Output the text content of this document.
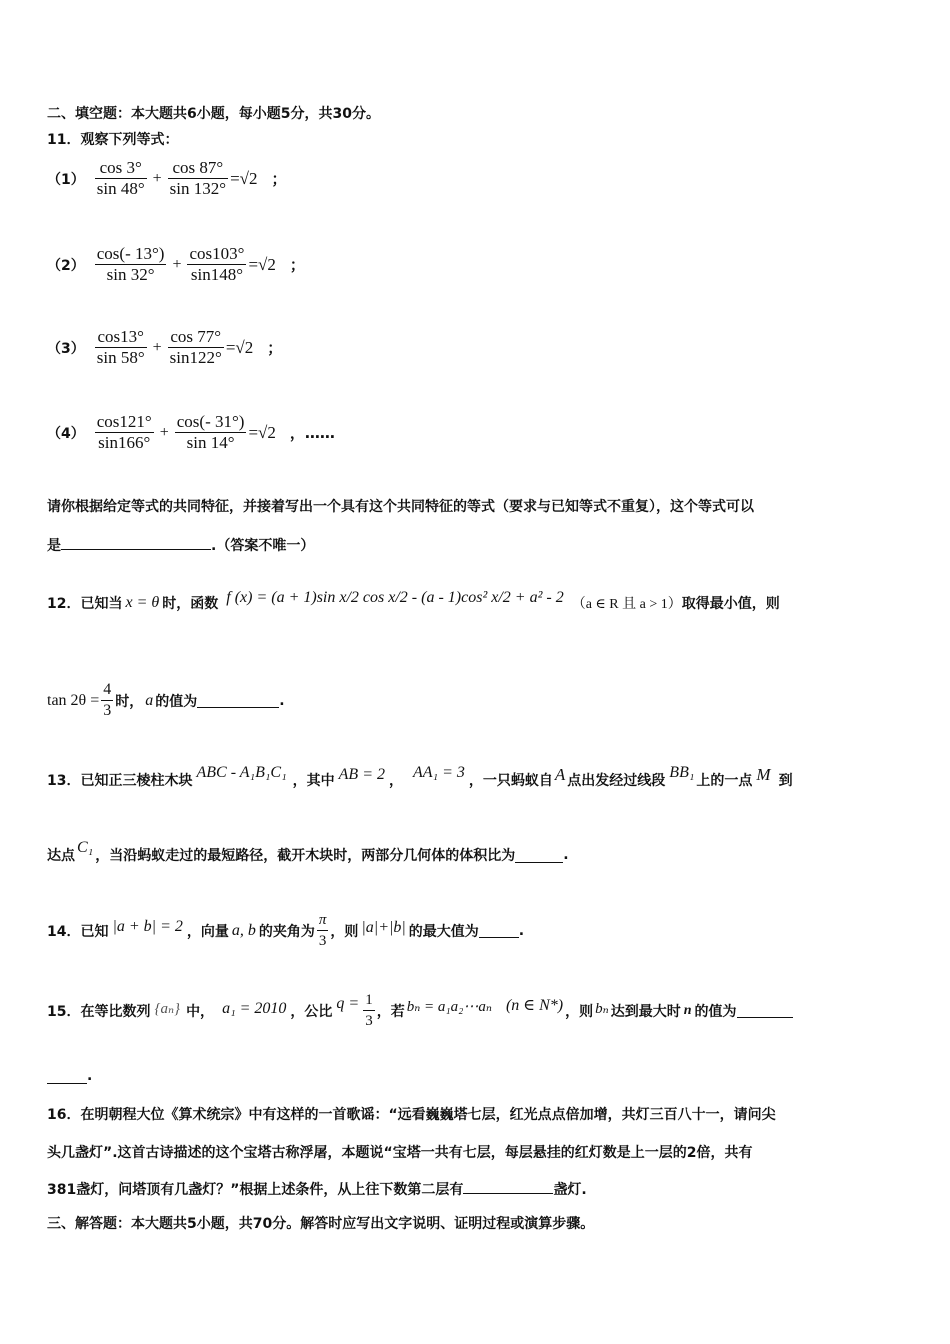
二、填空题：本大题共6小题，每小题5分，共30分。
11．观察下列等式：
$(1) \frac{\cos 3^\circ}{\sin 48^\circ} + \frac{\cos 87^\circ}{\sin 132^\circ} =√2$ ；
$(2) \frac{\cos(- 13^\circ)}{\sin 32^\circ} + \frac{\cos 103^\circ}{\sin 148^\circ} =√2$ ；
$(3) \frac{\cos 13^\circ}{\sin 58^\circ} + \frac{\cos 77^\circ}{\sin 122^\circ} =√2$ ；
$(4) \frac{\cos 121^\circ}{\sin 166^\circ} + \frac{\cos(- 31^\circ)}{\sin 14^\circ} =√2$ ，……
请你根据给定等式的共同特征，并接着写出一个具有这个共同特征的等式（要求与已知等式不重复），这个等式可以
是	.（答案不唯一）
12．已知当 x = θ 时，函数 f (x) = (a + 1)sin x/2 cos x/2 - (a - 1)cos² x/2 + a² - 2 （a ∈ R 且 a > 1） 取得最小值，则
$\tan 2\theta = \frac{4}{3}$ 时， a 的值为	.
13．已知正三棱柱木块 ABC - A₁B₁C₁ ，其中 AB = 2 ， AA₁ = 3 ，一只蚂蚁自 A 点出发经过线段 BB₁ 上的一点 M 到
达点 C₁ ，当沿蚂蚁走过的最短路径，截开木块时，两部分几何体的体积比为	.
14．已知 |a + b| = 2 ，向量 a, b 的夹角为 $\frac{\pi}{3}$ ，则 |a|+|b| 的最大值为	.
15．在等比数列 {aₙ} 中， a₁ = 2010 ，公比 $q = \frac{1}{3}$ ，若 bₙ = a₁a₂⋯aₙ (n ∈ N*) ，则 bₙ 达到最大时 n 的值为
.
16．在明朝程大位《算术统宗》中有这样的一首歌谣：“远看巍巍塔七层，红光点点倍加增，共灯三百八十一，请问尖
头几盏灯”.这首古诗描述的这个宝塔古称浮屠，本题说“宝塔一共有七层，每层悬挂的红灯数是上一层的2倍，共有
381盏灯，问塔顶有几盏灯？”根据上述条件，从上往下数第二层有	盏灯.
三、解答题：本大题共5小题，共70分。解答时应写出文字说明、证明过程或演算步骤。
